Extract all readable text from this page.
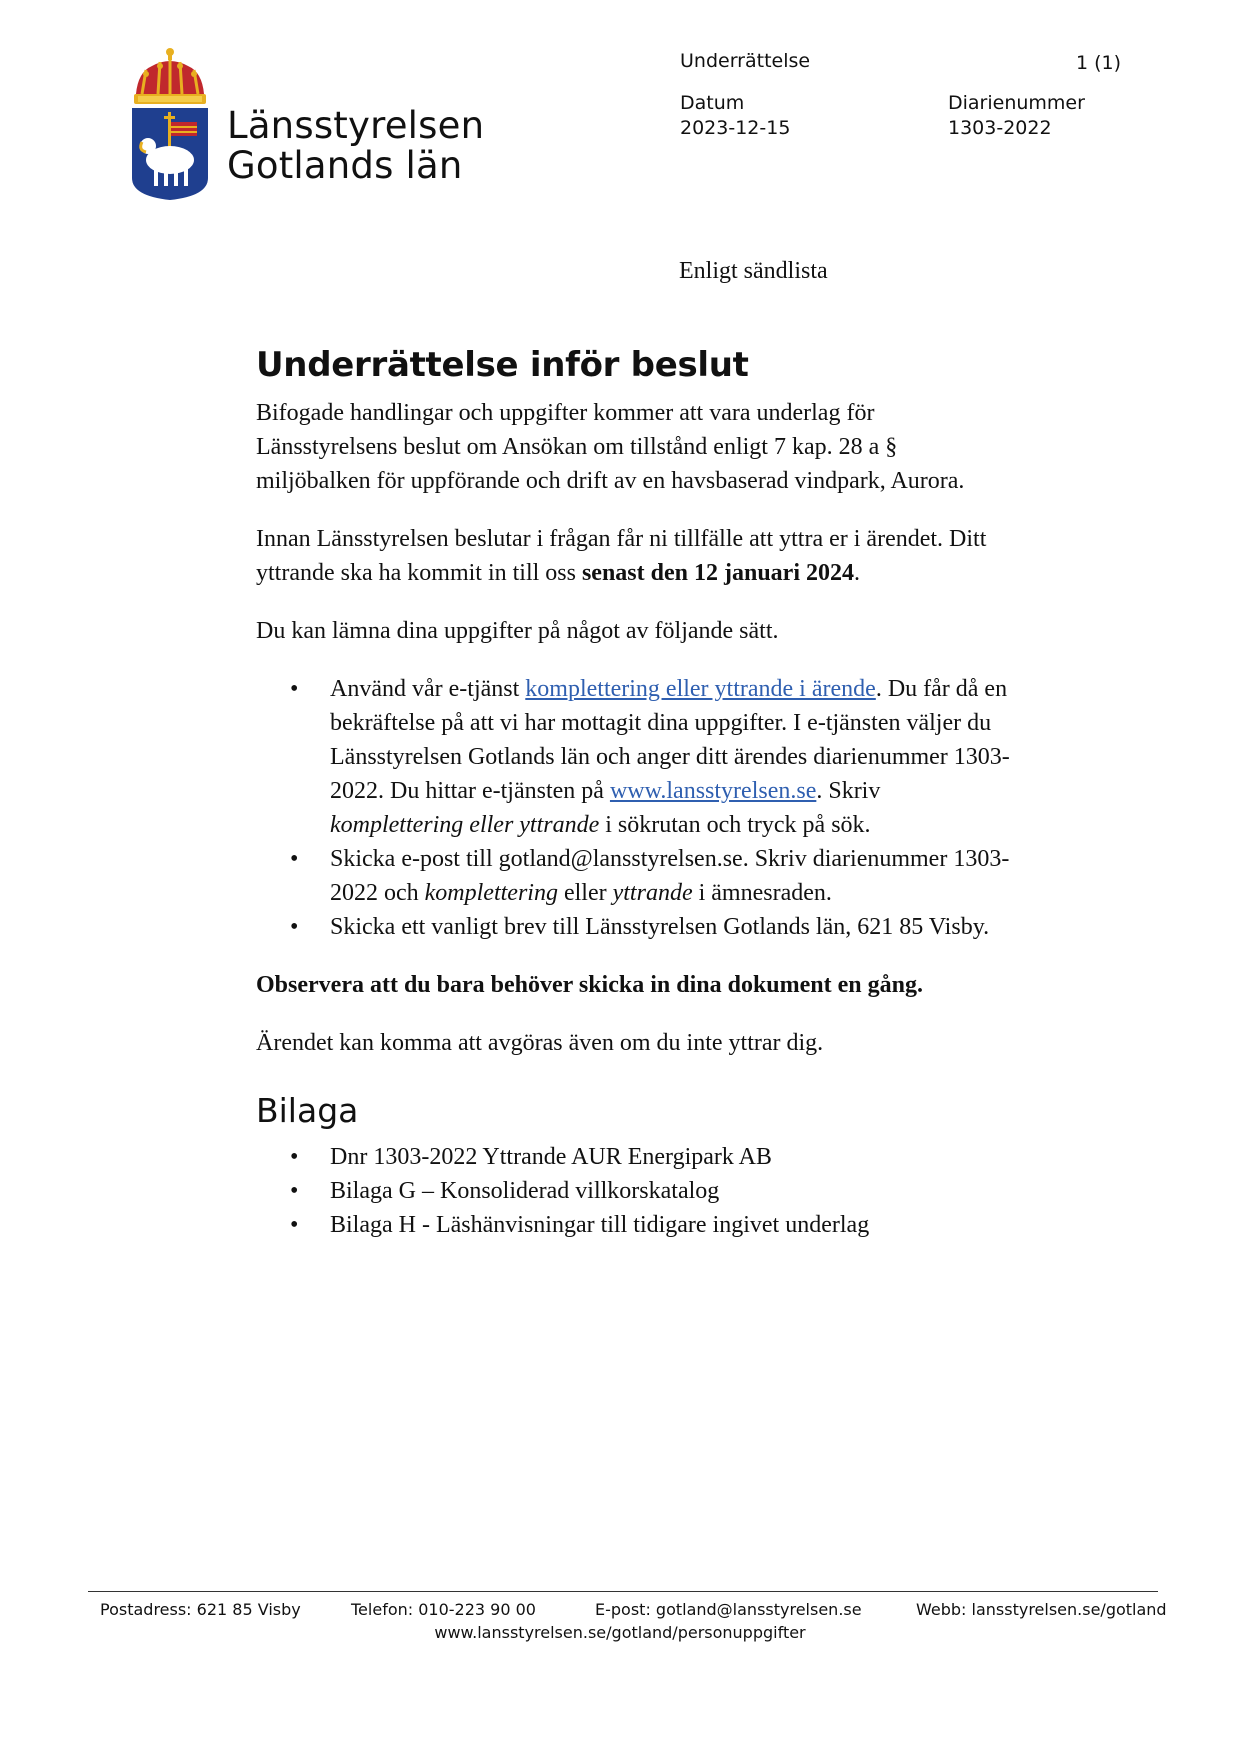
Länsstyrelsen
Gotlands län
Underrättelse	1 (1)
Datum
2023-12-15
Diarienummer
1303-2022
Enligt sändlista
Underrättelse inför beslut

Bifogade handlingar och uppgifter kommer att vara underlag för Länsstyrelsens beslut om Ansökan om tillstånd enligt 7 kap. 28 a § miljöbalken för uppförande och drift av en havsbaserad vindpark, Aurora.

Innan Länsstyrelsen beslutar i frågan får ni tillfälle att yttra er i ärendet. Ditt yttrande ska ha kommit in till oss senast den 12 januari 2024.

Du kan lämna dina uppgifter på något av följande sätt.

• Använd vår e-tjänst komplettering eller yttrande i ärende. Du får då en bekräftelse på att vi har mottagit dina uppgifter. I e-tjänsten väljer du Länsstyrelsen Gotlands län och anger ditt ärendes diarienummer 1303-2022. Du hittar e-tjänsten på www.lansstyrelsen.se. Skriv komplettering eller yttrande i sökrutan och tryck på sök.
• Skicka e-post till gotland@lansstyrelsen.se. Skriv diarienummer 1303-2022 och komplettering eller yttrande i ämnesraden.
• Skicka ett vanligt brev till Länsstyrelsen Gotlands län, 621 85 Visby.

Observera att du bara behöver skicka in dina dokument en gång.

Ärendet kan komma att avgöras även om du inte yttrar dig.

Bilaga
• Dnr 1303-2022 Yttrande AUR Energipark AB
• Bilaga G – Konsoliderad villkorskatalog
• Bilaga H - Läshänvisningar till tidigare ingivet underlag
Postadress: 621 85 Visby	Telefon: 010-223 90 00	E-post: gotland@lansstyrelsen.se	Webb: lansstyrelsen.se/gotland
www.lansstyrelsen.se/gotland/personuppgifter
